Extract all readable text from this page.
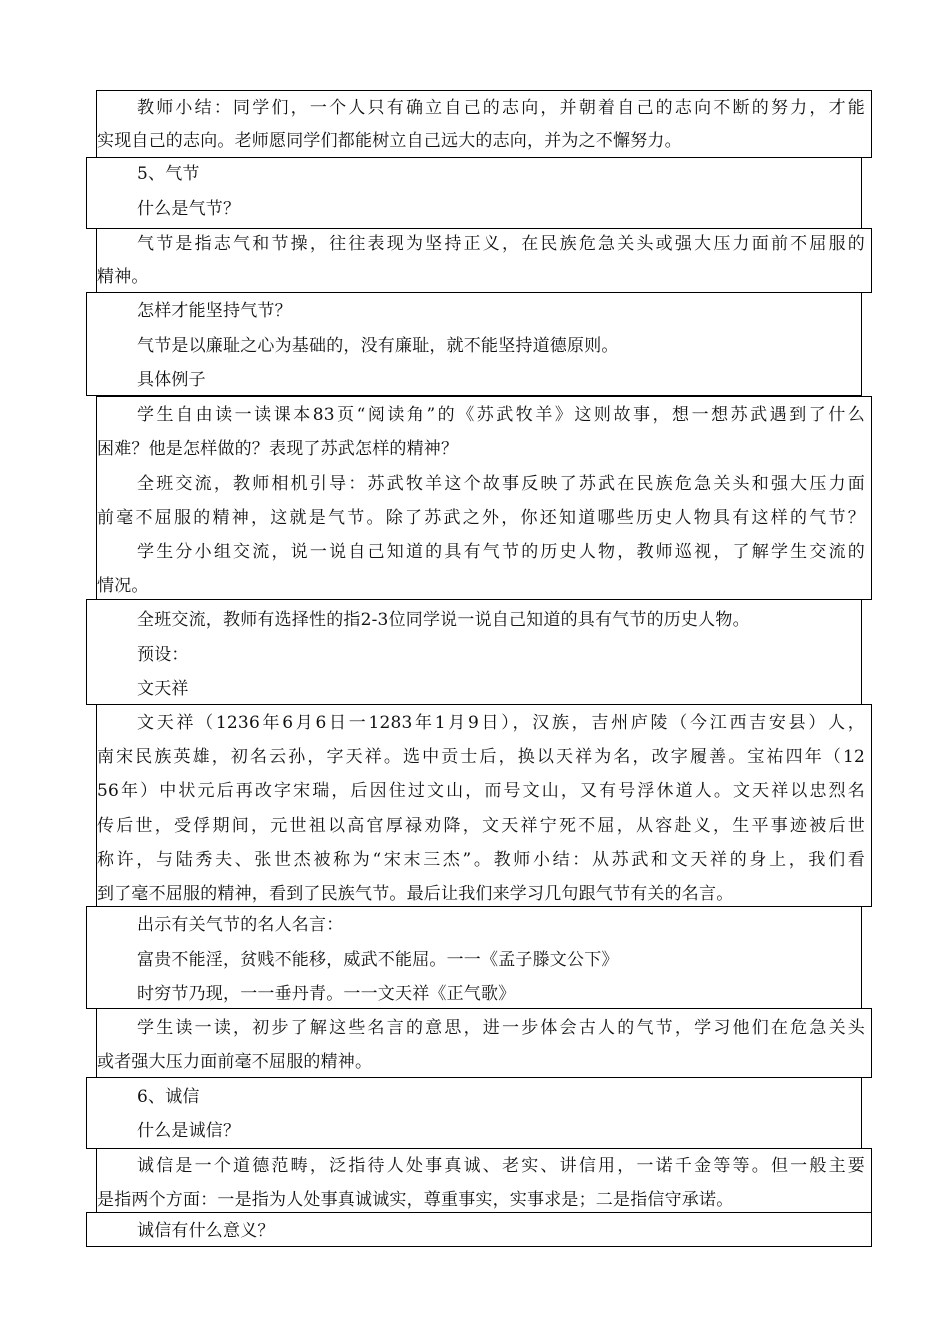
教师小结：同学们，一个人只有确立自己的志向，并朝着自己的志向不断的努力，才能
实现自己的志向。老师愿同学们都能树立自己远大的志向，并为之不懈努力。
5、气节
什么是气节？
气节是指志气和节操，往往表现为坚持正义，在民族危急关头或强大压力面前不屈服的
精神。
怎样才能坚持气节？
气节是以廉耻之心为基础的，没有廉耻，就不能坚持道德原则。
具体例子
学生自由读一读课本83页“阅读角”的《苏武牧羊》这则故事，想一想苏武遇到了什么
困难？他是怎样做的？表现了苏武怎样的精神？
全班交流，教师相机引导：苏武牧羊这个故事反映了苏武在民族危急关头和强大压力面
前毫不屈服的精神，这就是气节。除了苏武之外，你还知道哪些历史人物具有这样的气节？
学生分小组交流，说一说自己知道的具有气节的历史人物，教师巡视，了解学生交流的
情况。
全班交流，教师有选择性的指2-3位同学说一说自己知道的具有气节的历史人物。
预设：
文天祥
文天祥（1236年6月6日一1283年1月9日），汉族，吉州庐陵（今江西吉安县）人，
南宋民族英雄，初名云孙，字天祥。选中贡士后，换以天祥为名，改字履善。宝祐四年（12
56年）中状元后再改字宋瑞，后因住过文山，而号文山，又有号浮休道人。文天祥以忠烈名
传后世，受俘期间，元世祖以高官厚禄劝降，文天祥宁死不屈，从容赴义，生平事迹被后世
称许，与陆秀夫、张世杰被称为“宋末三杰”。教师小结：从苏武和文天祥的身上，我们看
到了毫不屈服的精神，看到了民族气节。最后让我们来学习几句跟气节有关的名言。
出示有关气节的名人名言：
富贵不能淫，贫贱不能移，威武不能屈。一一《孟子滕文公下》
时穷节乃现，一一垂丹青。一一文天祥《正气歌》
学生读一读，初步了解这些名言的意思，进一步体会古人的气节，学习他们在危急关头
或者强大压力面前毫不屈服的精神。
6、诚信
什么是诚信？
诚信是一个道德范畴，泛指待人处事真诚、老实、讲信用，一诺千金等等。但一般主要
是指两个方面：一是指为人处事真诚诚实，尊重事实，实事求是；二是指信守承诺。
诚信有什么意义？
